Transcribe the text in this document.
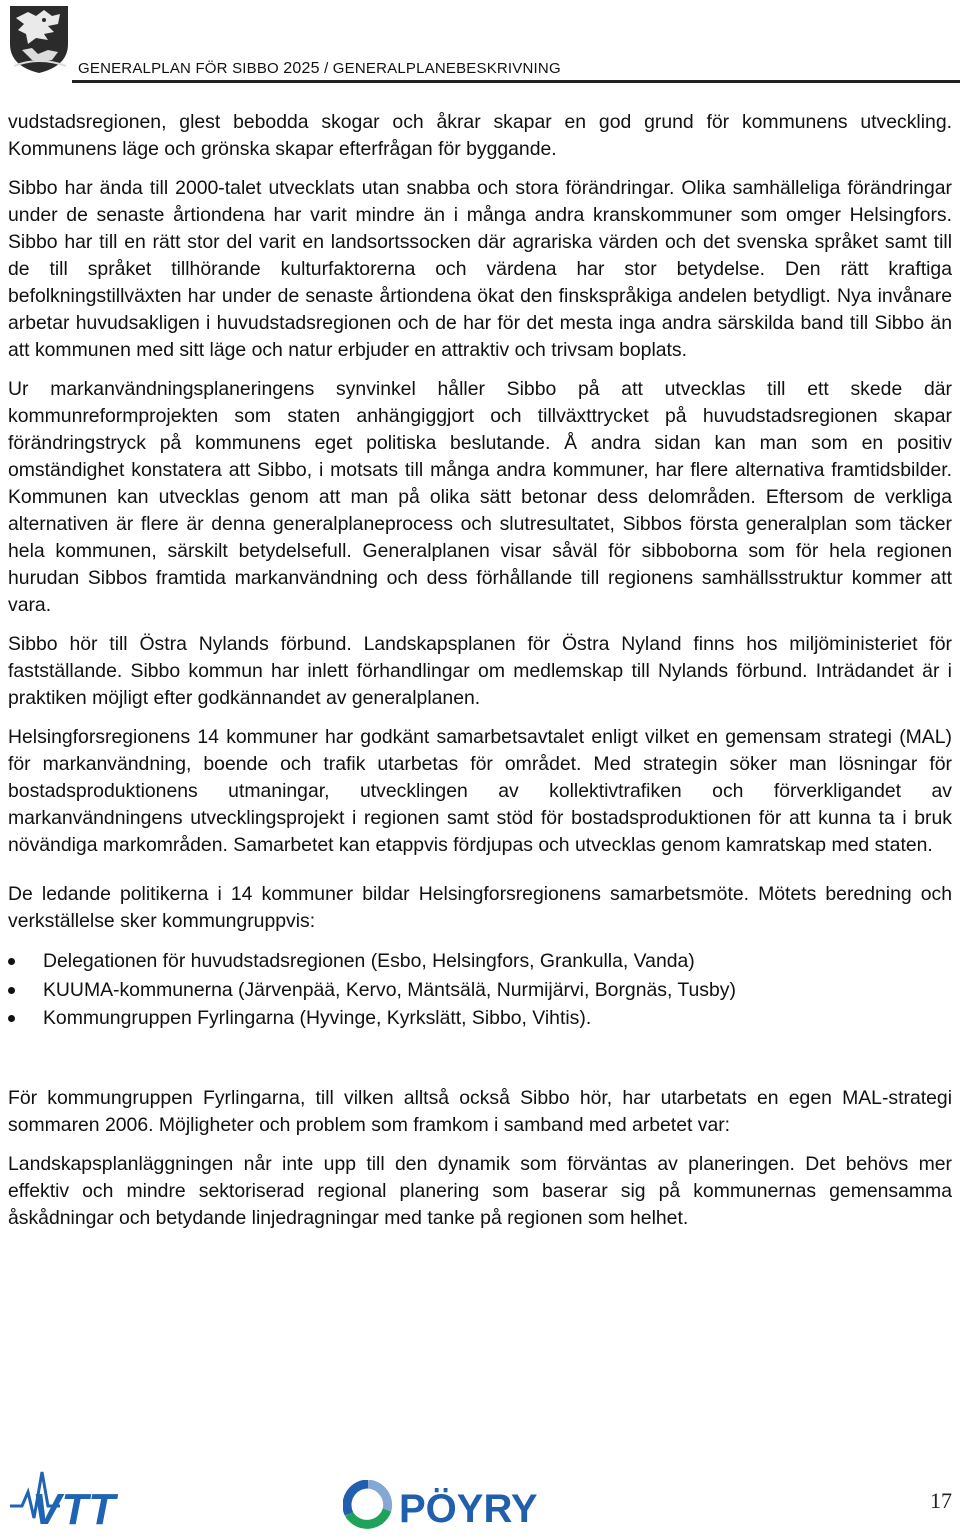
GENERALPLAN FÖR SIBBO 2025 / GENERALPLANEBESKRIVNING

vudstadsregionen, glest bebodda skogar och åkrar skapar en god grund för kommunens utveckling. Kommunens läge och grönska skapar efterfrågan för byggande.

Sibbo har ända till 2000-talet utvecklats utan snabba och stora förändringar. Olika samhälleliga förändringar under de senaste årtiondena har varit mindre än i många andra kranskommuner som omger Helsingfors. Sibbo har till en rätt stor del varit en landsortssocken där agrariska värden och det svenska språket samt till de till språket tillhörande kulturfaktorerna och värdena har stor betydelse. Den rätt kraftiga befolkningstillväxten har under de senaste årtiondena ökat den finskspråkiga andelen betydligt. Nya invånare arbetar huvudsakligen i huvudstadsregionen och de har för det mesta inga andra särskilda band till Sibbo än att kommunen med sitt läge och natur erbjuder en attraktiv och trivsam boplats.

Ur markanvändningsplaneringens synvinkel håller Sibbo på att utvecklas till ett skede där kommunreformprojekten som staten anhängiggjort och tillväxttrycket på huvudstadsregionen skapar förändringstryck på kommunens eget politiska beslutande. Å andra sidan kan man som en positiv omständighet konstatera att Sibbo, i motsats till många andra kommuner, har flere alternativa framtidsbilder. Kommunen kan utvecklas genom att man på olika sätt betonar dess delområden. Eftersom de verkliga alternativen är flere är denna generalplaneprocess och slutresultatet, Sibbos första generalplan som täcker hela kommunen, särskilt betydelsefull. Generalplanen visar såväl för sibboborna som för hela regionen hurudan Sibbos framtida markanvändning och dess förhållande till regionens samhällsstruktur kommer att vara.

Sibbo hör till Östra Nylands förbund. Landskapsplanen för Östra Nyland finns hos miljöministeriet för fastställande. Sibbo kommun har inlett förhandlingar om medlemskap till Nylands förbund. Inträdandet är i praktiken möjligt efter godkännandet av generalplanen.

Helsingforsregionens 14 kommuner har godkänt samarbetsavtalet enligt vilket en gemensam strategi (MAL) för markanvändning, boende och trafik utarbetas för området. Med strategin söker man lösningar för bostadsproduktionens utmaningar, utvecklingen av kollektivtrafiken och förverkligandet av markanvändningens utvecklingsprojekt i regionen samt stöd för bostadsproduktionen för att kunna ta i bruk növändiga markområden. Samarbetet kan etappvis fördjupas och utvecklas genom kamratskap med staten.

De ledande politikerna i 14 kommuner bildar Helsingforsregionens samarbetsmöte. Mötets beredning och verkställelse sker kommungruppvis:

Delegationen för huvudstadsregionen (Esbo, Helsingfors, Grankulla, Vanda)
KUUMA-kommunerna (Järvenpää, Kervo, Mäntsälä, Nurmijärvi, Borgnäs, Tusby)
Kommungruppen Fyrlingarna (Hyvinge, Kyrkslätt, Sibbo, Vihtis).

För kommungruppen Fyrlingarna, till vilken alltså också Sibbo hör, har utarbetats en egen MAL-strategi sommaren 2006. Möjligheter och problem som framkom i samband med arbetet var:

Landskapsplanläggningen når inte upp till den dynamik som förväntas av planeringen. Det behövs mer effektiv och mindre sektoriserad regional planering som baserar sig på kommunernas gemensamma åskådningar och betydande linjedragningar med tanke på regionen som helhet.

VTT	PÖYRY	17
